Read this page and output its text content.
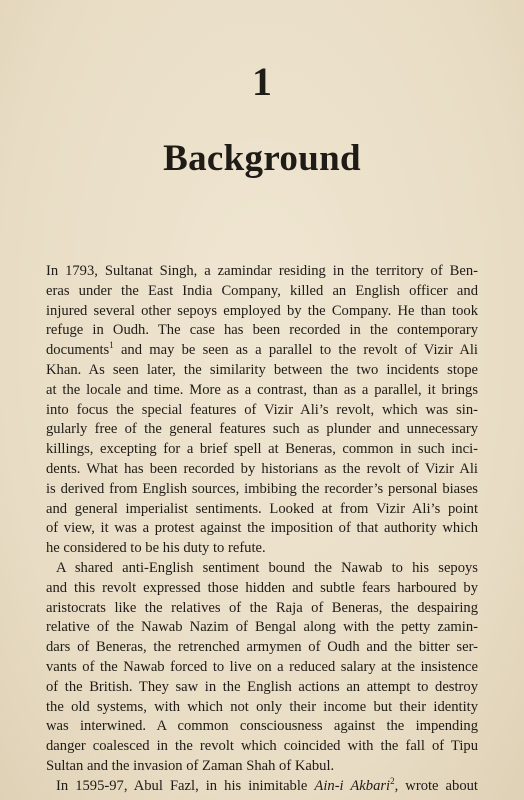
1
Background
In 1793, Sultanat Singh, a zamindar residing in the territory of Ben-
eras under the East India Company, killed an English officer and
injured several other sepoys employed by the Company. He than took
refuge in Oudh. The case has been recorded in the contemporary
documents$^1$ and may be seen as a parallel to the revolt of Vizir Ali
Khan. As seen later, the similarity between the two incidents stope
at the locale and time. More as a contrast, than as a parallel, it brings
into focus the special features of Vizir Ali’s revolt, which was sin-
gularly free of the general features such as plunder and unnecessary
killings, excepting for a brief spell at Beneras, common in such inci-
dents. What has been recorded by historians as the revolt of Vizir Ali
is derived from English sources, imbibing the recorder’s personal biases
and general imperialist sentiments. Looked at from Vizir Ali’s point
of view, it was a protest against the imposition of that authority which
he considered to be his duty to refute.
A shared anti-English sentiment bound the Nawab to his sepoys
and this revolt expressed those hidden and subtle fears harboured by
aristocrats like the relatives of the Raja of Beneras, the despairing
relative of the Nawab Nazim of Bengal along with the petty zamin-
dars of Beneras, the retrenched armymen of Oudh and the bitter ser-
vants of the Nawab forced to live on a reduced salary at the insistence
of the British. They saw in the English actions an attempt to destroy
the old systems, with which not only their income but their identity
was interwined. A common consciousness against the impending
danger coalesced in the revolt which coincided with the fall of Tipu
Sultan and the invasion of Zaman Shah of Kabul.
In 1595-97, Abul Fazl, in his inimitable Ain-i Akbari$^2$, wrote about
